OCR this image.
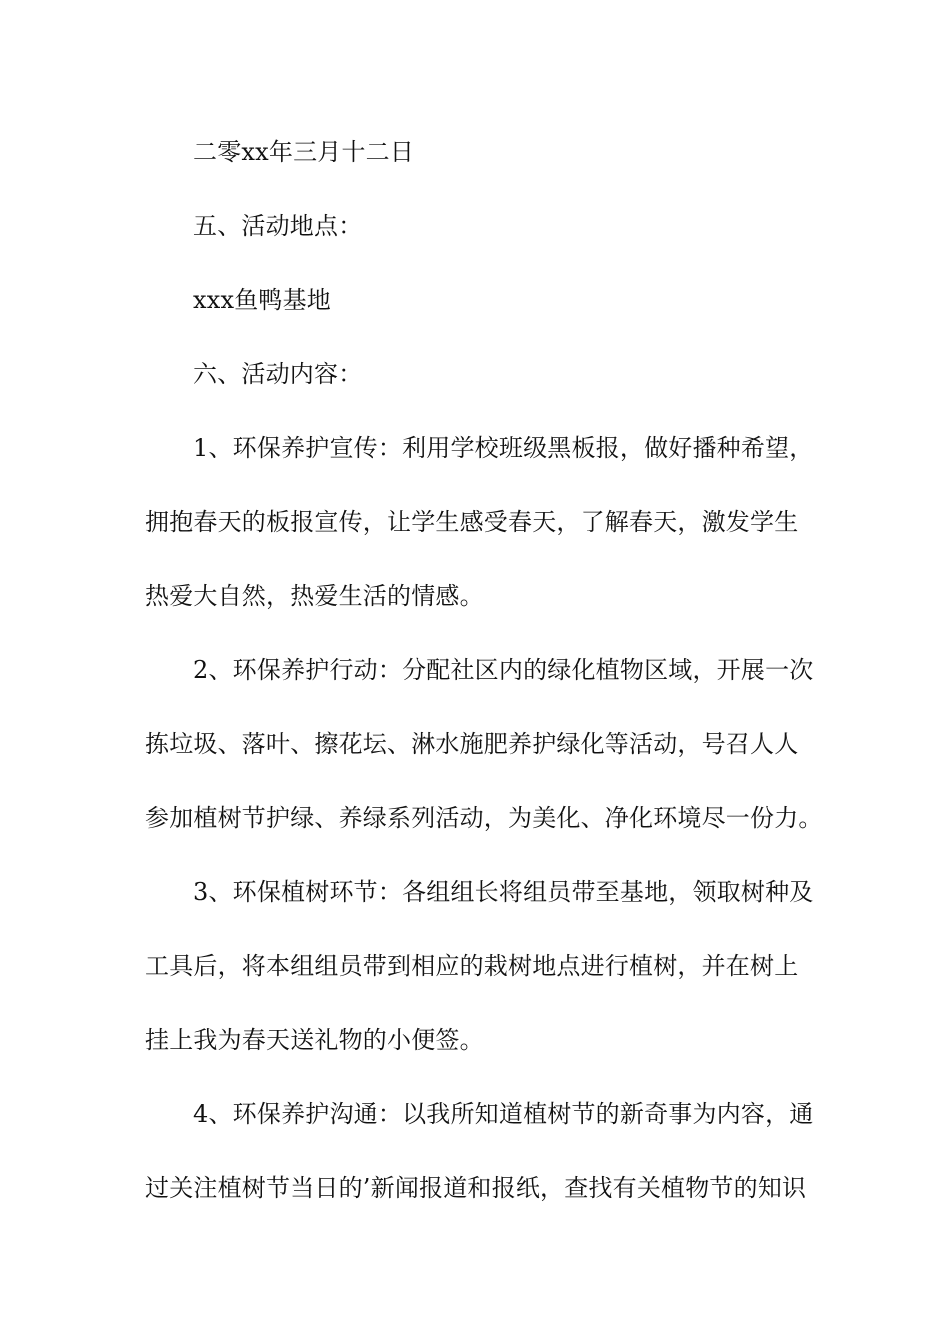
二零xx年三月十二日
五、活动地点：
xxx鱼鸭基地
六、活动内容：
1、环保养护宣传：利用学校班级黑板报，做好播种希望，
拥抱春天的板报宣传，让学生感受春天，了解春天，激发学生
热爱大自然，热爱生活的情感。
2、环保养护行动：分配社区内的绿化植物区域，开展一次
拣垃圾、落叶、擦花坛、淋水施肥养护绿化等活动，号召人人
参加植树节护绿、养绿系列活动，为美化、净化环境尽一份力。
3、环保植树环节：各组组长将组员带至基地，领取树种及
工具后，将本组组员带到相应的栽树地点进行植树，并在树上
挂上我为春天送礼物的小便签。
4、环保养护沟通：以我所知道植树节的新奇事为内容，通
过关注植树节当日的’新闻报道和报纸，查找有关植物节的知识
